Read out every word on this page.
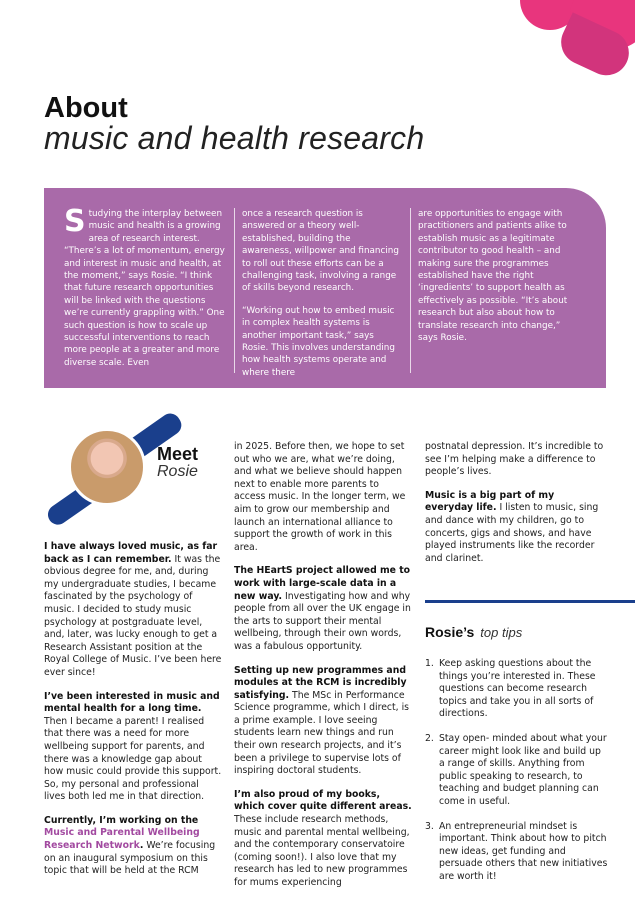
About
music and health research

Studying the interplay between music and health is a growing area of research interest. “There’s a lot of momentum, energy and interest in music and health, at the moment,” says Rosie. “I think that future research opportunities will be linked with the questions we’re currently grappling with.” One such question is how to scale up successful interventions to reach more people at a greater and more diverse scale. Even

once a research question is answered or a theory well-established, building the awareness, willpower and financing to roll out these efforts can be a challenging task, involving a range of skills beyond research.

“Working out how to embed music in complex health systems is another important task,” says Rosie. This involves understanding how health systems operate and where there

are opportunities to engage with practitioners and patients alike to establish music as a legitimate contributor to good health – and making sure the programmes established have the right ‘ingredients’ to support health as effectively as possible. “It’s about research but also about how to translate research into change,” says Rosie.

Meet
Rosie

I have always loved music, as far back as I can remember. It was the obvious degree for me, and, during my undergraduate studies, I became fascinated by the psychology of music. I decided to study music psychology at postgraduate level, and, later, was lucky enough to get a Research Assistant position at the Royal College of Music. I’ve been here ever since!

I’ve been interested in music and mental health for a long time. Then I became a parent! I realised that there was a need for more wellbeing support for parents, and there was a knowledge gap about how music could provide this support. So, my personal and professional lives both led me in that direction.

Currently, I’m working on the Music and Parental Wellbeing Research Network. We’re focusing on an inaugural symposium on this topic that will be held at the RCM

in 2025. Before then, we hope to set out who we are, what we’re doing, and what we believe should happen next to enable more parents to access music. In the longer term, we aim to grow our membership and launch an international alliance to support the growth of work in this area.

The HEartS project allowed me to work with large-scale data in a new way. Investigating how and why people from all over the UK engage in the arts to support their mental wellbeing, through their own words, was a fabulous opportunity.

Setting up new programmes and modules at the RCM is incredibly satisfying. The MSc in Performance Science programme, which I direct, is a prime example. I love seeing students learn new things and run their own research projects, and it’s been a privilege to supervise lots of inspiring doctoral students.

I’m also proud of my books, which cover quite different areas. These include research methods, music and parental mental wellbeing, and the contemporary conservatoire (coming soon!). I also love that my research has led to new programmes for mums experiencing

postnatal depression. It’s incredible to see I’m helping make a difference to people’s lives.

Music is a big part of my everyday life. I listen to music, sing and dance with my children, go to concerts, gigs and shows, and have played instruments like the recorder and clarinet.

Rosie’s top tips
1. Keep asking questions about the things you’re interested in. These questions can become research topics and take you in all sorts of directions.
2. Stay open- minded about what your career might look like and build up a range of skills. Anything from public speaking to research, to teaching and budget planning can come in useful.
3. An entrepreneurial mindset is important. Think about how to pitch new ideas, get funding and persuade others that new initiatives are worth it!
